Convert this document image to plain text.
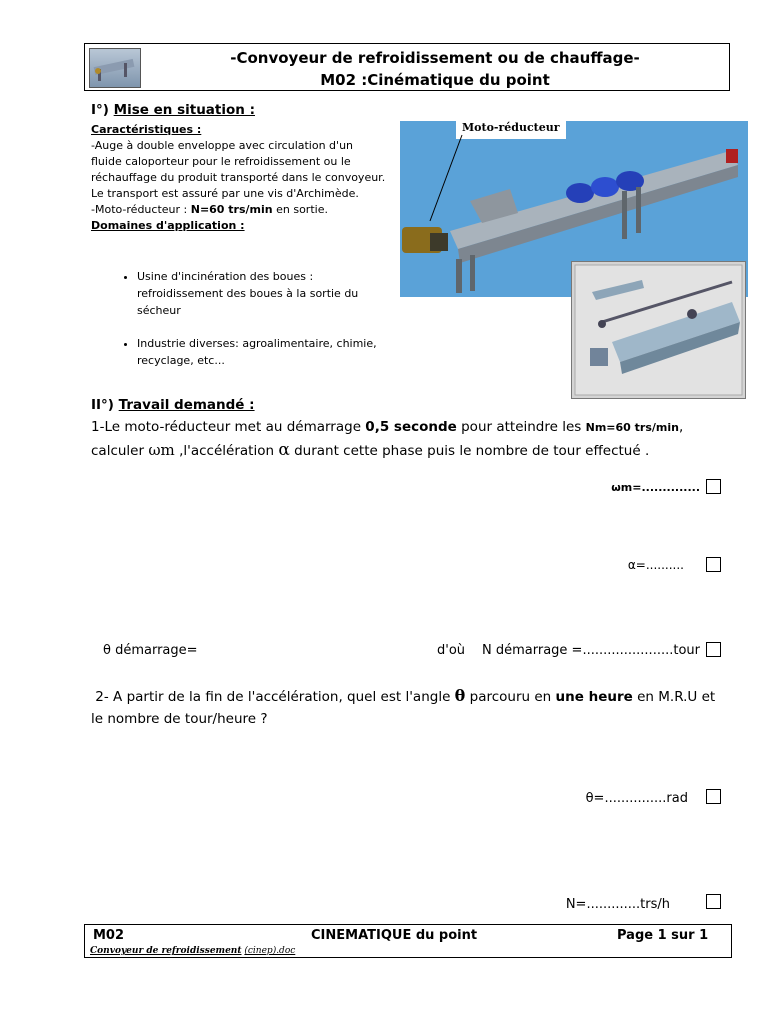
-Convoyeur de refroidissement ou de chauffage-
M02 :Cinématique du point
I°) Mise en situation :
Caractéristiques :
-Auge à double enveloppe avec circulation d'un fluide caloporteur pour le refroidissement ou le réchauffage du produit transporté dans le convoyeur. Le transport est assuré par une vis d'Archimède.
-Moto-réducteur : N=60 trs/min en sortie.
Domaines d'application :
• Usine d'incinération des boues : refroidissement des boues à la sortie du sécheur
• Industrie diverses: agroalimentaire, chimie, recyclage, etc...
Moto-réducteur
II°) Travail demandé :
1-Le moto-réducteur met au démarrage 0,5 seconde pour atteindre les Nm=60 trs/min,
calculer ωm ,l'accélération α durant cette phase puis le nombre de tour effectué .
ωm=..............
α=..........
θ démarrage=	d'où N démarrage =......................tour
2- A partir de la fin de l'accélération, quel est l'angle θ parcouru en une heure en M.R.U et le nombre de tour/heure ?
θ=...............rad
N=.............trs/h
M02	CINEMATIQUE du point	Page 1 sur 1
Convoyeur de refroidissement (cinep).doc
